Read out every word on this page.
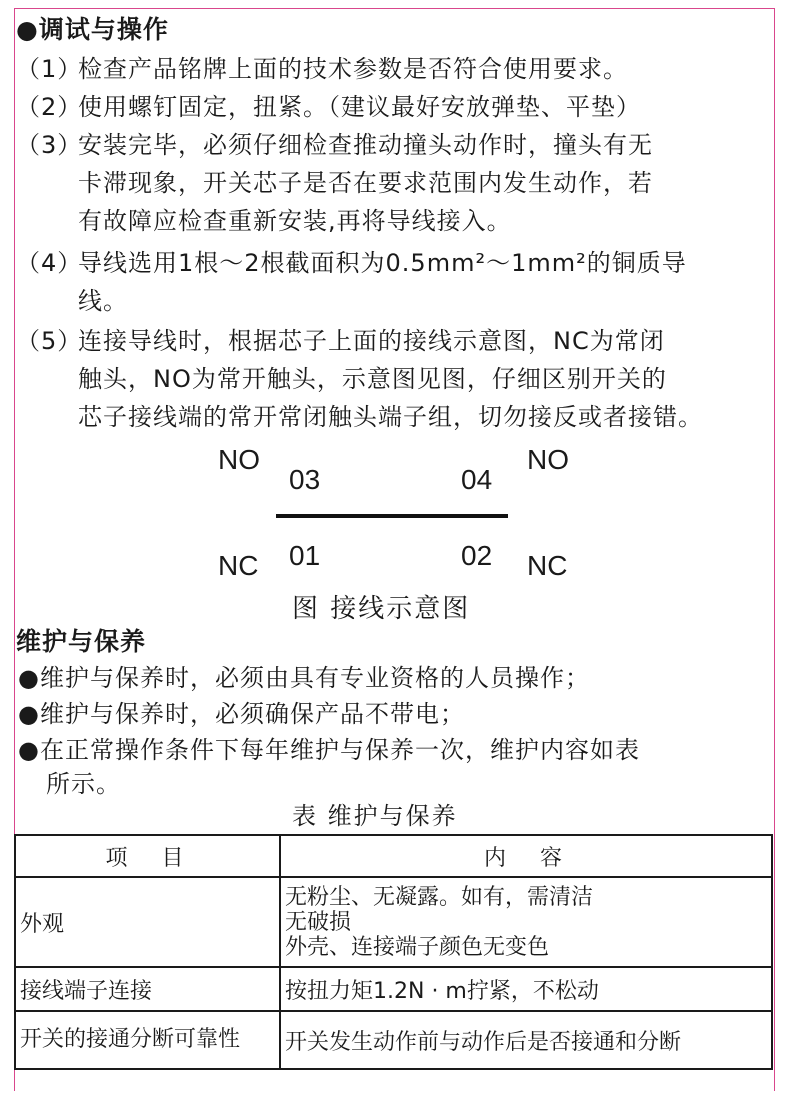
●调试与操作
（1）
检查产品铭牌上面的技术参数是否符合使用要求。
（2）
使用螺钉固定，扭紧。（建议最好安放弹垫、平垫）
（3）
安装完毕，必须仔细检查推动撞头动作时，撞头有无
卡滞现象，开关芯子是否在要求范围内发生动作，若
有故障应检查重新安装,再将导线接入。
（4）
导线选用1根～2根截面积为0.5mm²～1mm²的铜质导
线。
（5）
连接导线时，根据芯子上面的接线示意图，NC为常闭
触头，NO为常开触头，示意图见图，仔细区别开关的
芯子接线端的常开常闭触头端子组，切勿接反或者接错。
NO	NO
03	04
01	02
NC	NC
图 接线示意图
维护与保养
●维护与保养时，必须由具有专业资格的人员操作；
●维护与保养时，必须确保产品不带电；
●在正常操作条件下每年维护与保养一次，维护内容如表
所示。
表 维护与保养
项　目	内　容
外观	无粉尘、无凝露。如有，需清洁
无破损
外壳、连接端子颜色无变色

接线端子连接	按扭力矩1.2N · m拧紧，不松动
开关的接通分断可靠性	开关发生动作前与动作后是否接通和分断
